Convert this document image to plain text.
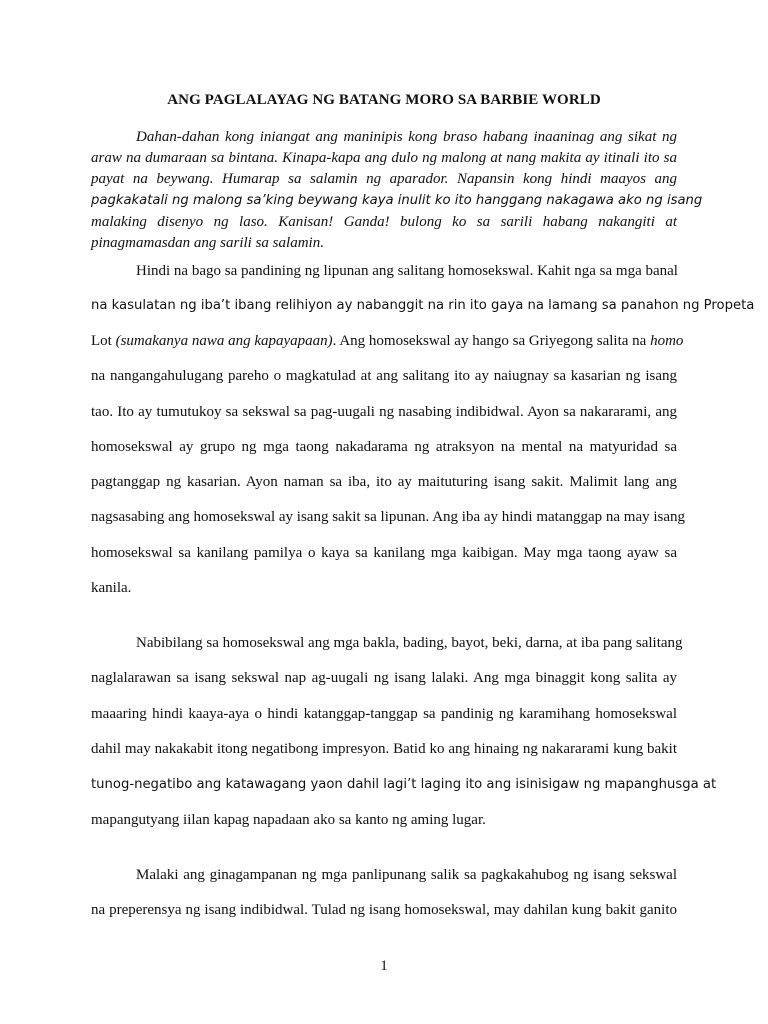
ANG PAGLALAYAG NG BATANG MORO SA BARBIE WORLD
Dahan-dahan kong iniangat ang maninipis kong braso habang inaaninag ang sikat ng
araw na dumaraan sa bintana. Kinapa-kapa ang dulo ng malong at nang makita ay itinali ito sa
payat na beywang. Humarap sa salamin ng aparador. Napansin kong hindi maayos ang
pagkakatali ng malong sa’king beywang kaya inulit ko ito hanggang nakagawa ako ng isang
malaking disenyo ng laso. Kanisan! Ganda! bulong ko sa sarili habang nakangiti at
pinagmamasdan ang sarili sa salamin.
Hindi na bago sa pandining ng lipunan ang salitang homosekswal. Kahit nga sa mga banal
na kasulatan ng iba’t ibang relihiyon ay nabanggit na rin ito gaya na lamang sa panahon ng Propeta
Lot (sumakanya nawa ang kapayapaan). Ang homosekswal ay hango sa Griyegong salita na homo
na nangangahulugang pareho o magkatulad at ang salitang ito ay naiugnay sa kasarian ng isang
tao. Ito ay tumutukoy sa sekswal sa pag-uugali ng nasabing indibidwal. Ayon sa nakararami, ang
homosekswal ay grupo ng mga taong nakadarama ng atraksyon na mental na matyuridad sa
pagtanggap ng kasarian. Ayon naman sa iba, ito ay maituturing isang sakit. Malimit lang ang
nagsasabing ang homosekswal ay isang sakit sa lipunan. Ang iba ay hindi matanggap na may isang
homosekswal sa kanilang pamilya o kaya sa kanilang mga kaibigan. May mga taong ayaw sa
kanila.
Nabibilang sa homosekswal ang mga bakla, bading, bayot, beki, darna, at iba pang salitang
naglalarawan sa isang sekswal nap ag-uugali ng isang lalaki. Ang mga binaggit kong salita ay
maaaring hindi kaaya-aya o hindi katanggap-tanggap sa pandinig ng karamihang homosekswal
dahil may nakakabit itong negatibong impresyon. Batid ko ang hinaing ng nakararami kung bakit
tunog-negatibo ang katawagang yaon dahil lagi’t laging ito ang isinisigaw ng mapanghusga at
mapangutyang iilan kapag napadaan ako sa kanto ng aming lugar.
Malaki ang ginagampanan ng mga panlipunang salik sa pagkakahubog ng isang sekswal
na preperensya ng isang indibidwal. Tulad ng isang homosekswal, may dahilan kung bakit ganito
1
